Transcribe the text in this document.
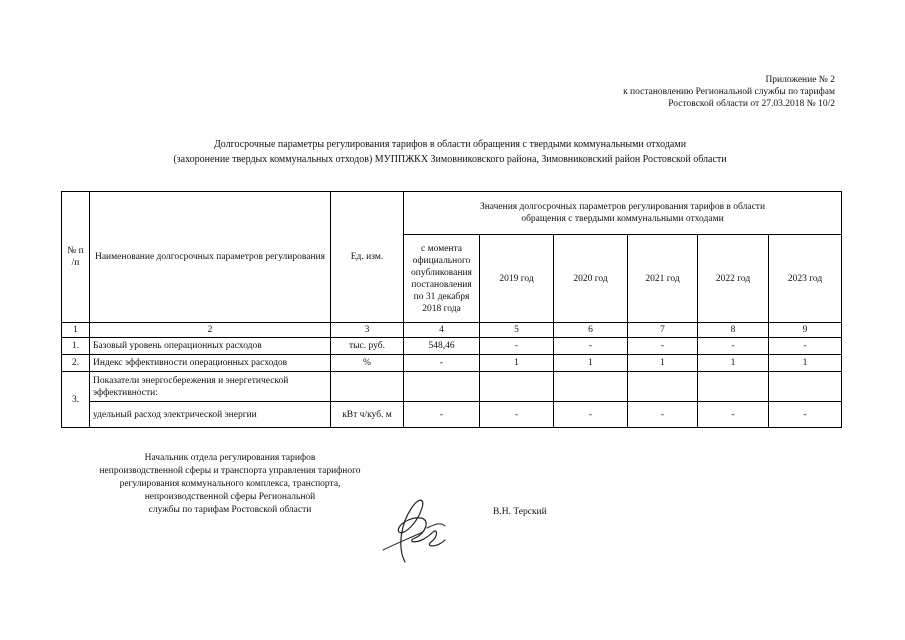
Приложение № 2
к постановлению Региональной службы по тарифам
Ростовской области от 27.03.2018 № 10/2
Долгосрочные параметры регулирования тарифов в области обращения с твердыми коммунальными отходами
(захоронение твердых коммунальных отходов) МУППЖКХ Зимовниковского района, Зимовниковский район Ростовской области
№ п /п	Наименование долгосрочных параметров регулирования	Ед. изм.	Значения долгосрочных параметров регулирования тарифов в области обращения с твердыми коммунальными отходами					

			с момента официального опубликования постановления по 31 декабря 2018 года	2019 год	2020 год	2021 год	2022 год	2023 год
1	2	3	4	5	6	7	8	9
1.	Базовый уровень операционных расходов	тыс. руб.	548,46	-	-	-	-	-
2.	Индекс эффективности операционных расходов	%	-	1	1	1	1	1
3.	Показатели энергосбережения и энергетической эффективности:							
	удельный расход электрической энергии	кВт ч/куб. м	-	-	-	-	-	-
Начальник отдела регулирования тарифов
непроизводственной сферы и транспорта управления тарифного
регулирования коммунального комплекса, транспорта,
непроизводственной сферы Региональной
службы по тарифам Ростовской области	В.Н. Терский
